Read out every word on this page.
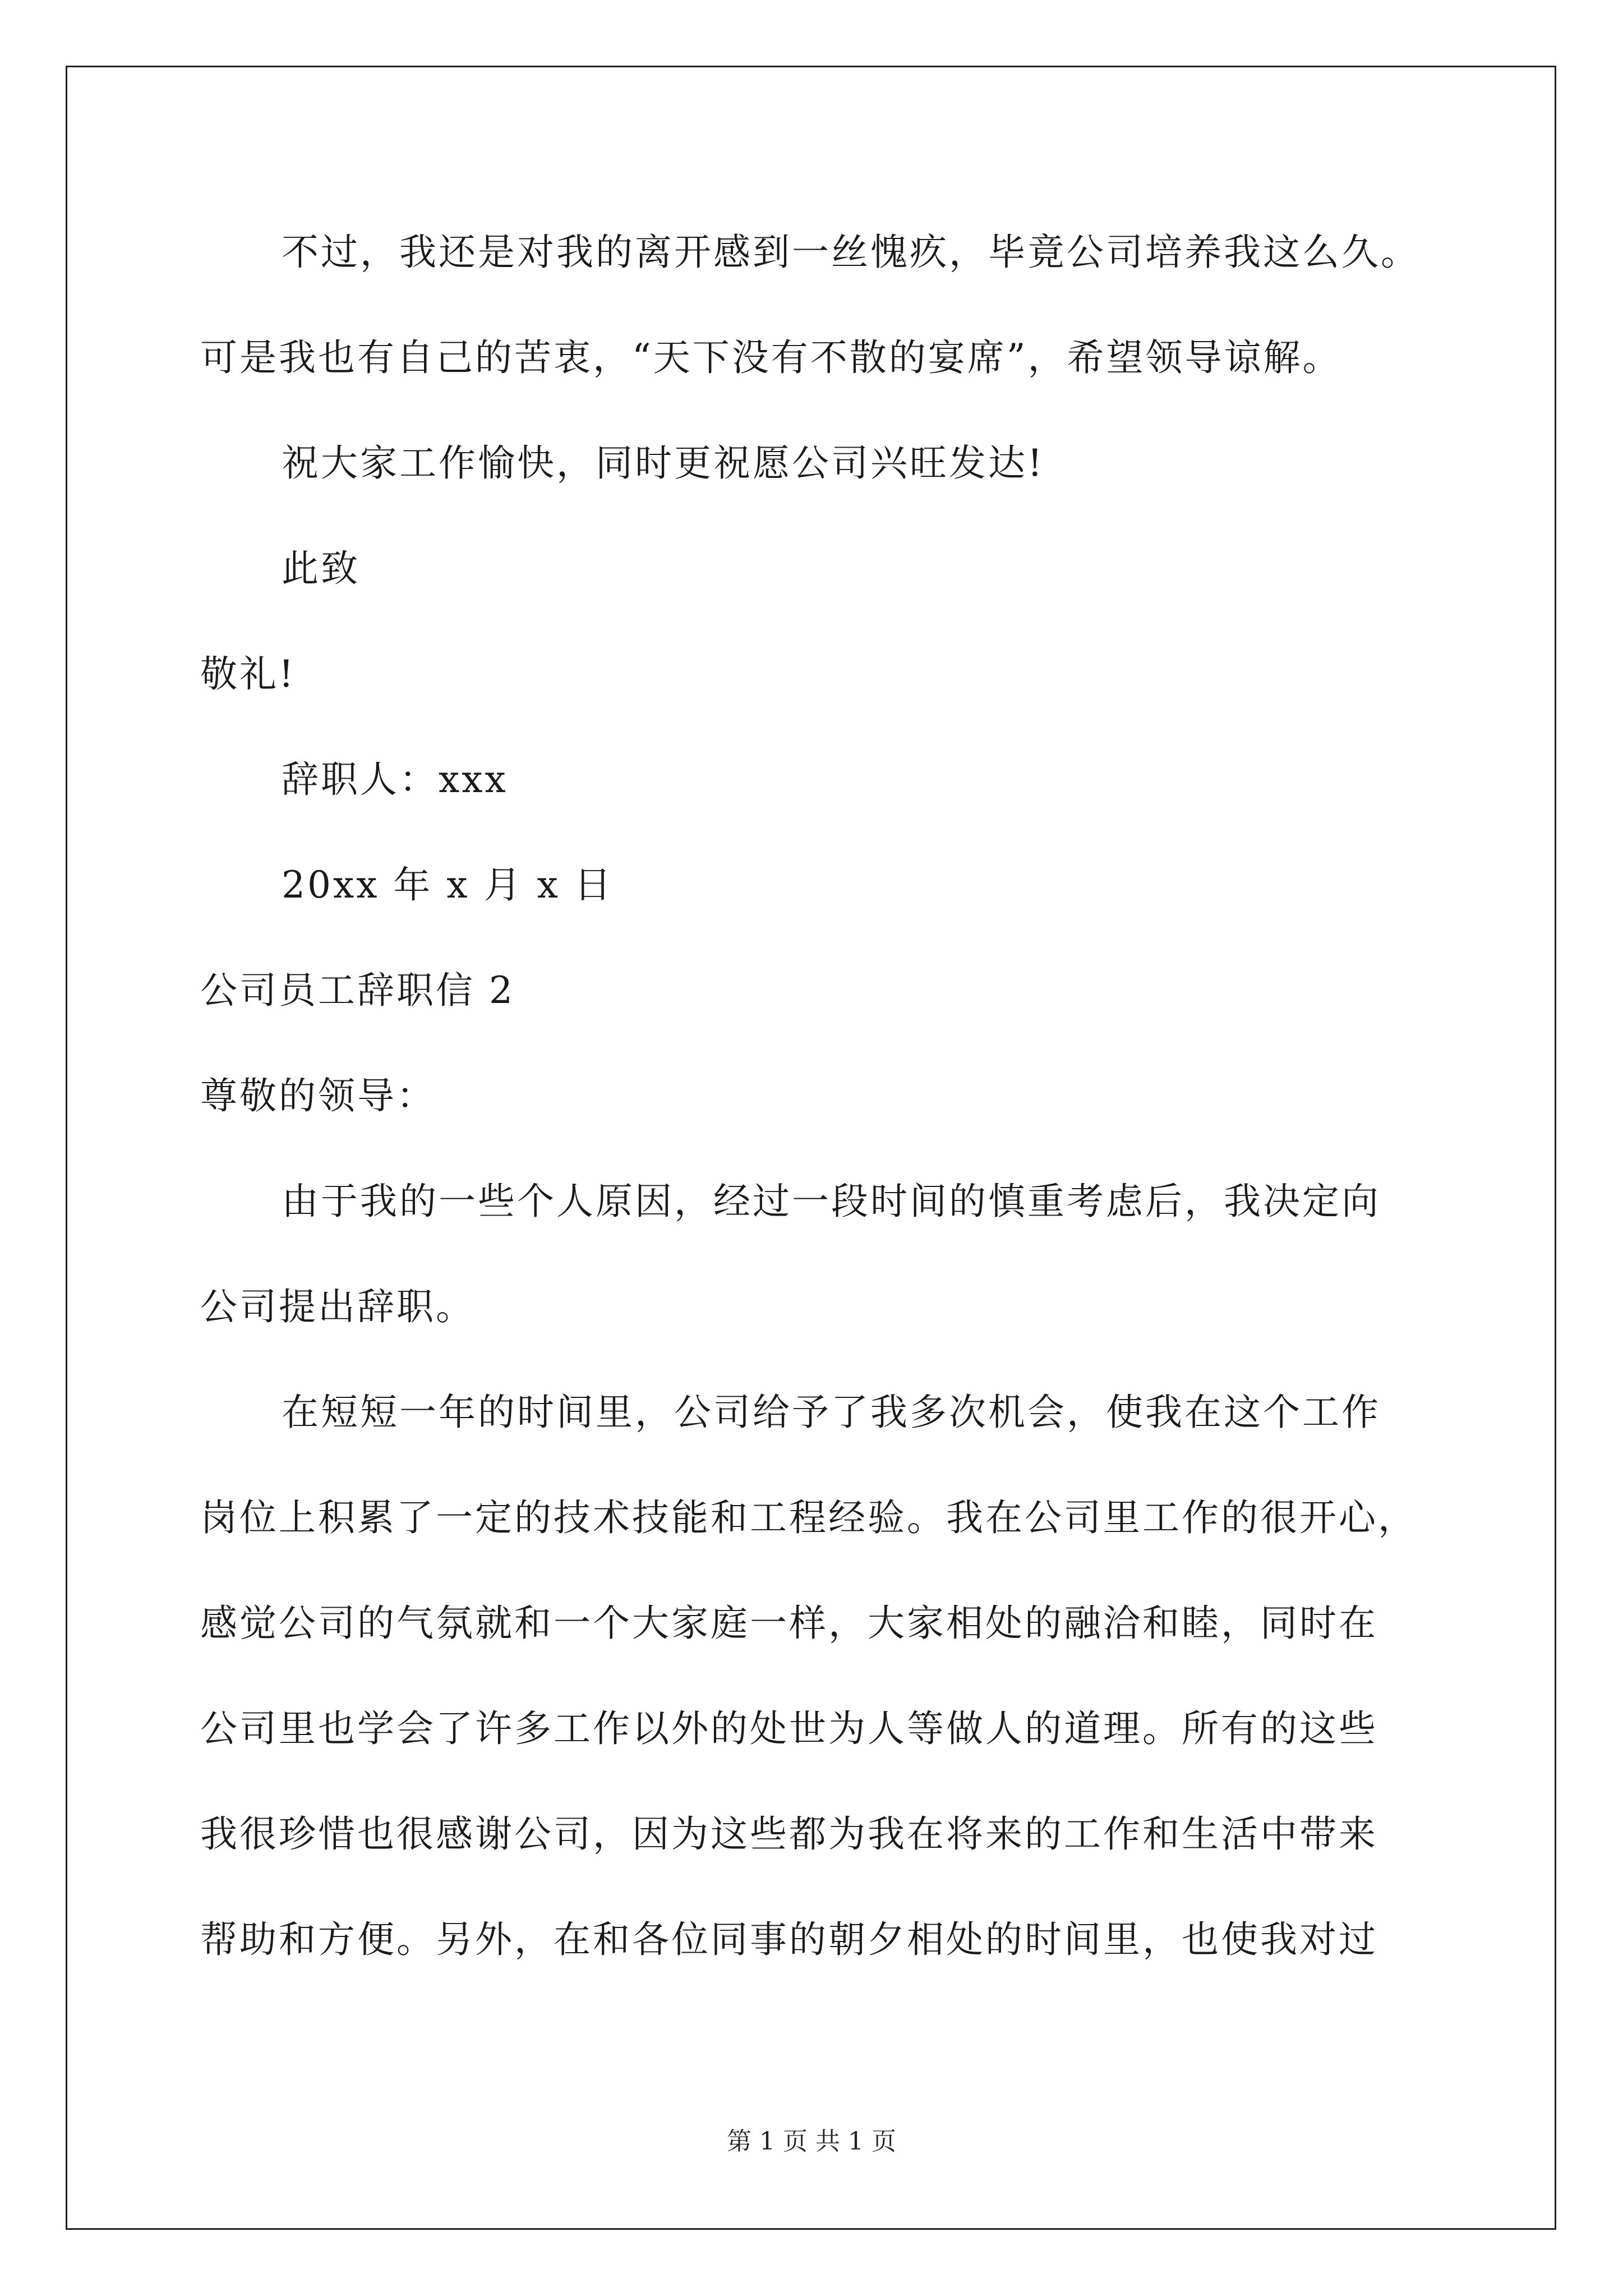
不过，我还是对我的离开感到一丝愧疚，毕竟公司培养我这么久。
可是我也有自己的苦衷，“天下没有不散的宴席”，希望领导谅解。
祝大家工作愉快，同时更祝愿公司兴旺发达!
此致
敬礼!
辞职人：xxx
20xx 年 x 月 x 日
公司员工辞职信 2
尊敬的领导：
由于我的一些个人原因，经过一段时间的慎重考虑后，我决定向
公司提出辞职。
在短短一年的时间里，公司给予了我多次机会，使我在这个工作
岗位上积累了一定的技术技能和工程经验。我在公司里工作的很开心，
感觉公司的气氛就和一个大家庭一样，大家相处的融洽和睦，同时在
公司里也学会了许多工作以外的处世为人等做人的道理。所有的这些
我很珍惜也很感谢公司，因为这些都为我在将来的工作和生活中带来
帮助和方便。另外，在和各位同事的朝夕相处的时间里，也使我对过
第 1 页 共 1 页
